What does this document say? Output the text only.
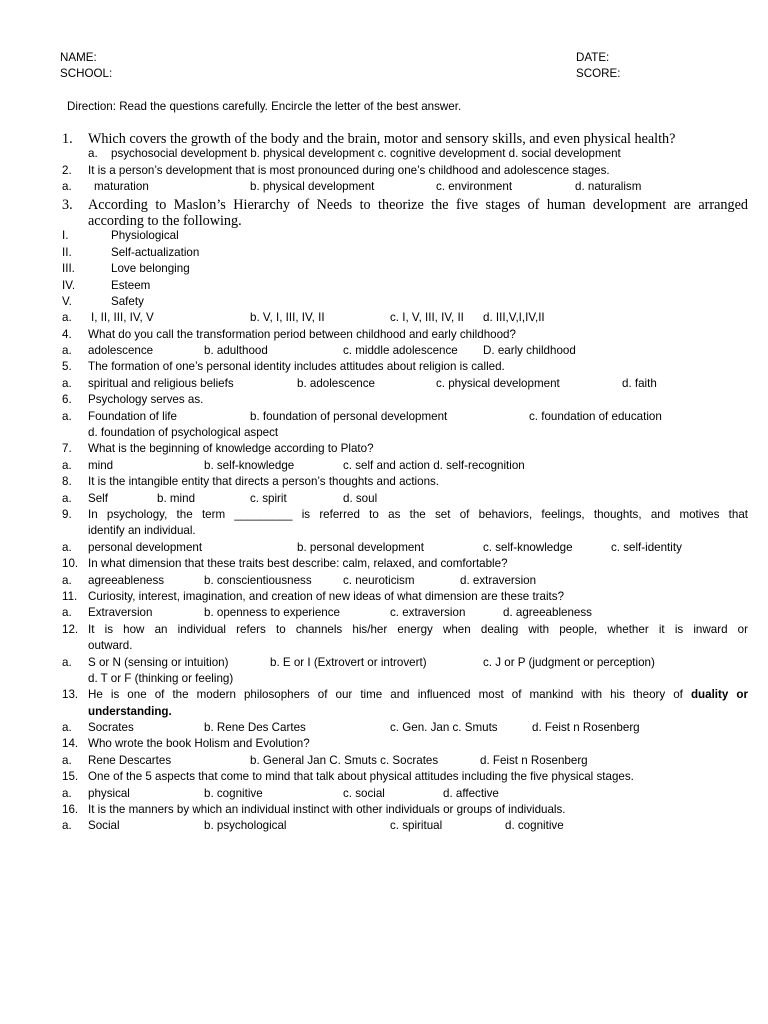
NAME:
SCHOOL:
DATE:
SCORE:
Direction: Read the questions carefully. Encircle the letter of the best answer.
1. Which covers the growth of the body and the brain, motor and sensory skills, and even physical health?
a. psychosocial development b. physical development c. cognitive development d. social development
2. It is a person’s development that is most pronounced during one’s childhood and adolescence stages.
a. maturation	b. physical development	c. environment	d. naturalism
3. According to Maslon’s Hierarchy of Needs to theorize the five stages of human development are arranged
according to the following.
I.	Physiological
II.	Self-actualization
III.	Love belonging
IV.	Esteem
V.	Safety
a. I, II, III, IV, V	b. V, I, III, IV, II	c. I, V, III, IV, II d. III,V,I,IV,II
4. What do you call the transformation period between childhood and early childhood?
a. adolescence	b. adulthood	c. middle adolescence D. early childhood
5. The formation of one’s personal identity includes attitudes about religion is called.
a. spiritual and religious beliefs	b. adolescence	c. physical development	d. faith
6. Psychology serves as.
a. Foundation of life	b. foundation of personal development	c. foundation of education
d. foundation of psychological aspect
7. What is the beginning of knowledge according to Plato?
a. mind	b. self-knowledge	c. self and action d. self-recognition
8. It is the intangible entity that directs a person’s thoughts and actions.
a. Self	b. mind	c. spirit	d. soul
9. In psychology, the term _________ is referred to as the set of behaviors, feelings, thoughts, and motives that
identify an individual.
a. personal development	b. personal development	c. self-knowledge	c. self-identity
10. In what dimension that these traits best describe: calm, relaxed, and comfortable?
a. agreeableness	b. conscientiousness	c. neuroticism	d. extraversion
11. Curiosity, interest, imagination, and creation of new ideas of what dimension are these traits?
a. Extraversion	b. openness to experience	c. extraversion	d. agreeableness
12. It is how an individual refers to channels his/her energy when dealing with people, whether it is inward or
outward.
a. S or N (sensing or intuition)	b. E or I (Extrovert or introvert)	c. J or P (judgment or perception)
d. T or F (thinking or feeling)
13. He is one of the modern philosophers of our time and influenced most of mankind with his theory of duality or
understanding.
a. Socrates	b. Rene Des Cartes	c. Gen. Jan c. Smuts	d. Feist n Rosenberg
14. Who wrote the book Holism and Evolution?
a. Rene Descartes	b. General Jan C. Smuts c. Socrates	d. Feist n Rosenberg
15. One of the 5 aspects that come to mind that talk about physical attitudes including the five physical stages.
a. physical	b. cognitive	c. social	d. affective
16. It is the manners by which an individual instinct with other individuals or groups of individuals.
a. Social	b. psychological	c. spiritual	d. cognitive
